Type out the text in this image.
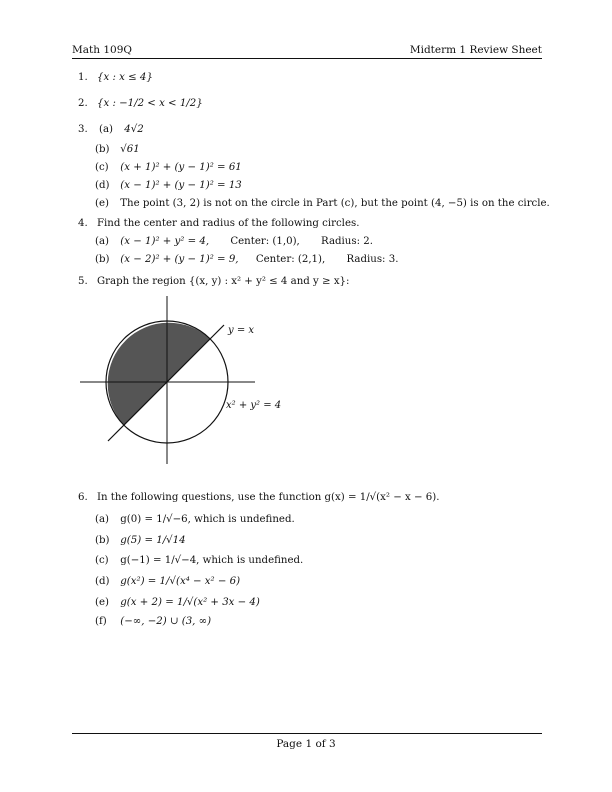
Math 109Q	Midterm 1 Review Sheet
1. {x : x ≤ 4}
2. {x : −1/2 < x < 1/2}
3. (a) 4√2
(b) √61
(c) (x + 1)² + (y − 1)² = 61
(d) (x − 1)² + (y − 1)² = 13
(e) The point (3, 2) is not on the circle in Part (c), but the point (4, −5) is on the circle.
4. Find the center and radius of the following circles.
(a) (x − 1)² + y² = 4, Center: (1,0), Radius: 2.
(b) (x − 2)² + (y − 1)² = 9, Center: (2,1), Radius: 3.
5. Graph the region {(x, y) : x² + y² ≤ 4 and y ≥ x}:
y = x
x² + y² = 4
6. In the following questions, use the function g(x) = 1/√(x² − x − 6).
(a) g(0) = 1/√−6, which is undefined.
(b) g(5) = 1/√14
(c) g(−1) = 1/√−4, which is undefined.
(d) g(x²) = 1/√(x⁴ − x² − 6)
(e) g(x + 2) = 1/√(x² + 3x − 4)
(f) (−∞, −2) ∪ (3, ∞)
Page 1 of 3
